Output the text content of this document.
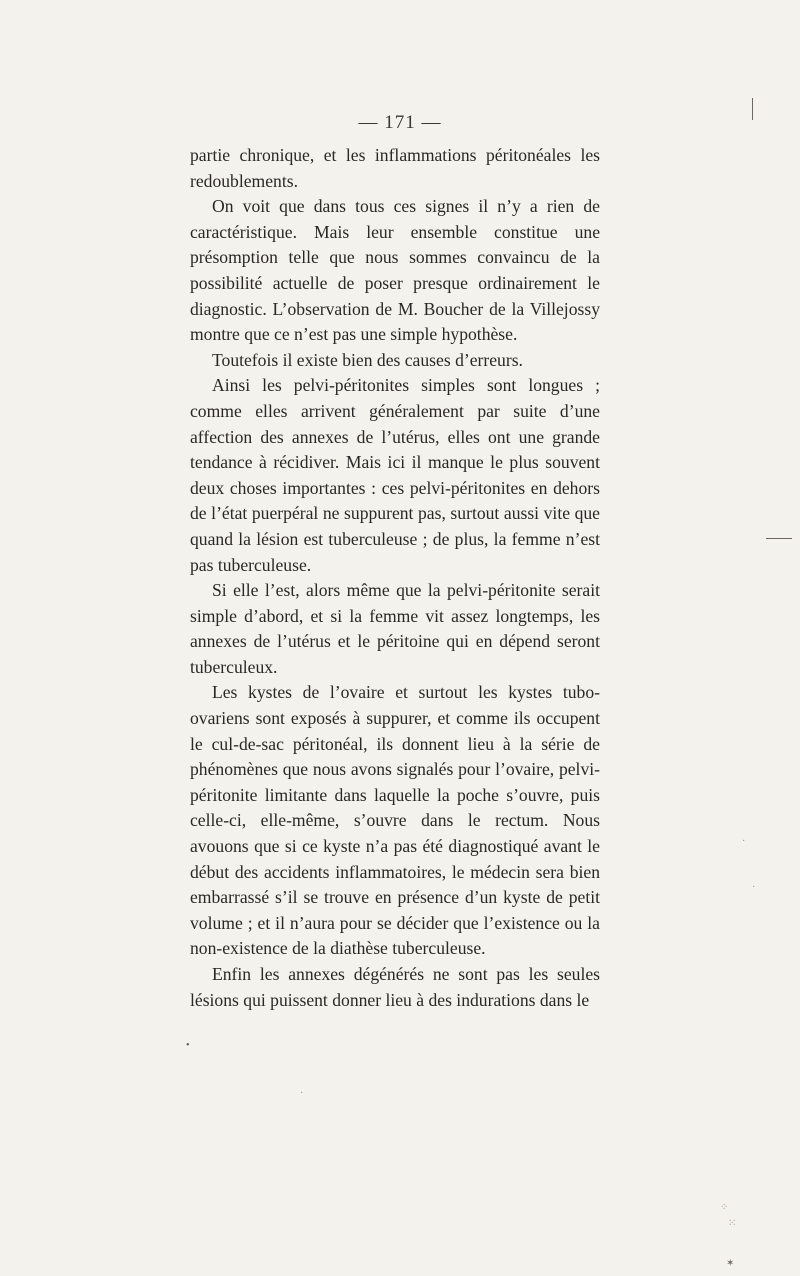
— 171 —

partie chronique, et les inflammations péritonéales les redoublements.

On voit que dans tous ces signes il n’y a rien de caractéristique. Mais leur ensemble constitue une présomption telle que nous sommes convaincu de la possibilité actuelle de poser presque ordinairement le diagnostic. L’observation de M. Boucher de la Villejossy montre que ce n’est pas une simple hypothèse.

Toutefois il existe bien des causes d’erreurs.

Ainsi les pelvi-péritonites simples sont longues ; comme elles arrivent généralement par suite d’une affection des annexes de l’utérus, elles ont une grande tendance à récidiver. Mais ici il manque le plus souvent deux choses importantes : ces pelvi-péritonites en dehors de l’état puerpéral ne suppurent pas, surtout aussi vite que quand la lésion est tuberculeuse ; de plus, la femme n’est pas tuberculeuse.

Si elle l’est, alors même que la pelvi-péritonite serait simple d’abord, et si la femme vit assez longtemps, les annexes de l’utérus et le péritoine qui en dépend seront tuberculeux.

Les kystes de l’ovaire et surtout les kystes tubo-ovariens sont exposés à suppurer, et comme ils occupent le cul-de-sac péritonéal, ils donnent lieu à la série de phénomènes que nous avons signalés pour l’ovaire, pelvi-péritonite limitante dans laquelle la poche s’ouvre, puis celle-ci, elle-même, s’ouvre dans le rectum. Nous avouons que si ce kyste n’a pas été diagnostiqué avant le début des accidents inflammatoires, le médecin sera bien embarrassé s’il se trouve en présence d’un kyste de petit volume ; et il n’aura pour se décider que l’existence ou la non-existence de la diathèse tuberculeuse.

Enfin les annexes dégénérés ne sont pas les seules lésions qui puissent donner lieu à des indurations dans le

·
·
•
·
⁘
⁙
✶
